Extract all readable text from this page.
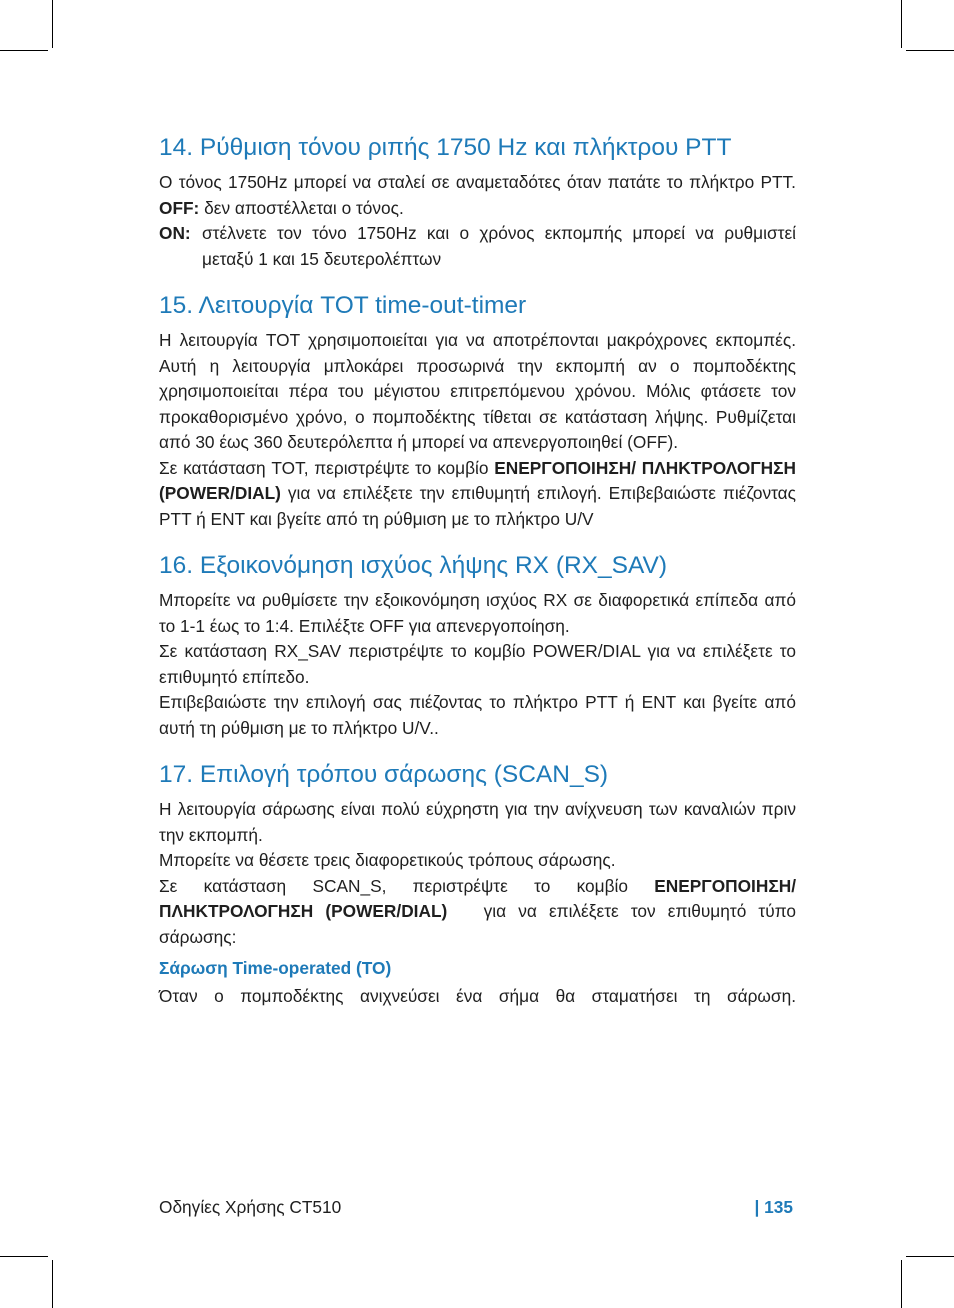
14. Ρύθμιση τόνου ριπής 1750 Hz και πλήκτρου PTT

Ο τόνος 1750Hz μπορεί να σταλεί σε αναμεταδότες όταν πατάτε το πλήκτρο PTT.

OFF: δεν αποστέλλεται ο τόνος.

ON: στέλνετε τον τόνο 1750Hz και ο χρόνος εκπομπής μπορεί να ρυθμιστεί μεταξύ 1 και 15 δευτερολέπτων

15. Λειτουργία TOT time-out-timer

Η λειτουργία TOT χρησιμοποιείται για να αποτρέπονται μακρόχρονες εκπομπές. Αυτή η λειτουργία μπλοκάρει προσωρινά την εκπομπή αν ο πομποδέκτης χρησιμοποιείται πέρα του μέγιστου επιτρεπόμενου χρόνου. Μόλις φτάσετε τον προκαθορισμένο χρόνο, ο πομποδέκτης τίθεται σε κατάσταση λήψης. Ρυθμίζεται από 30 έως 360 δευτερόλεπτα ή μπορεί να απενεργοποιηθεί (OFF).

Σε κατάσταση TOT, περιστρέψτε το κομβίο ΕΝΕΡΓΟΠΟΙΗΣΗ/ ΠΛΗΚΤΡΟΛΟΓΗΣΗ (POWER/DIAL) για να επιλέξετε την επιθυμητή επιλογή. Επιβεβαιώστε πιέζοντας PTT ή ENT και βγείτε από τη ρύθμιση με το πλήκτρο U/V

16. Εξοικονόμηση ισχύος λήψης RX (RX_SAV)

Μπορείτε να ρυθμίσετε την εξοικονόμηση ισχύος RX σε διαφορετικά επίπεδα από το 1-1 έως το 1:4. Επιλέξτε OFF για απενεργοποίηση.

Σε κατάσταση RX_SAV περιστρέψτε το κομβίο POWER/DIAL για να επιλέξετε το επιθυμητό επίπεδο.

Επιβεβαιώστε την επιλογή σας πιέζοντας το πλήκτρο PTT ή ENT και βγείτε από αυτή τη ρύθμιση με το πλήκτρο U/V..

17. Επιλογή τρόπου σάρωσης (SCAN_S)

Η λειτουργία σάρωσης είναι πολύ εύχρηστη για την ανίχνευση των καναλιών πριν την εκπομπή.

Μπορείτε να θέσετε τρεις διαφορετικούς τρόπους σάρωσης.

Σε κατάσταση SCAN_S, περιστρέψτε το κομβίο ΕΝΕΡΓΟΠΟΙΗΣΗ/ ΠΛΗΚΤΡΟΛΟΓΗΣΗ (POWER/DIAL)   για να επιλέξετε τον επιθυμητό τύπο σάρωσης:

Σάρωση Time-operated (TO)

Όταν ο πομποδέκτης ανιχνεύσει ένα σήμα θα σταματήσει τη σάρωση.

Οδηγίες Χρήσης CT510	| 135
